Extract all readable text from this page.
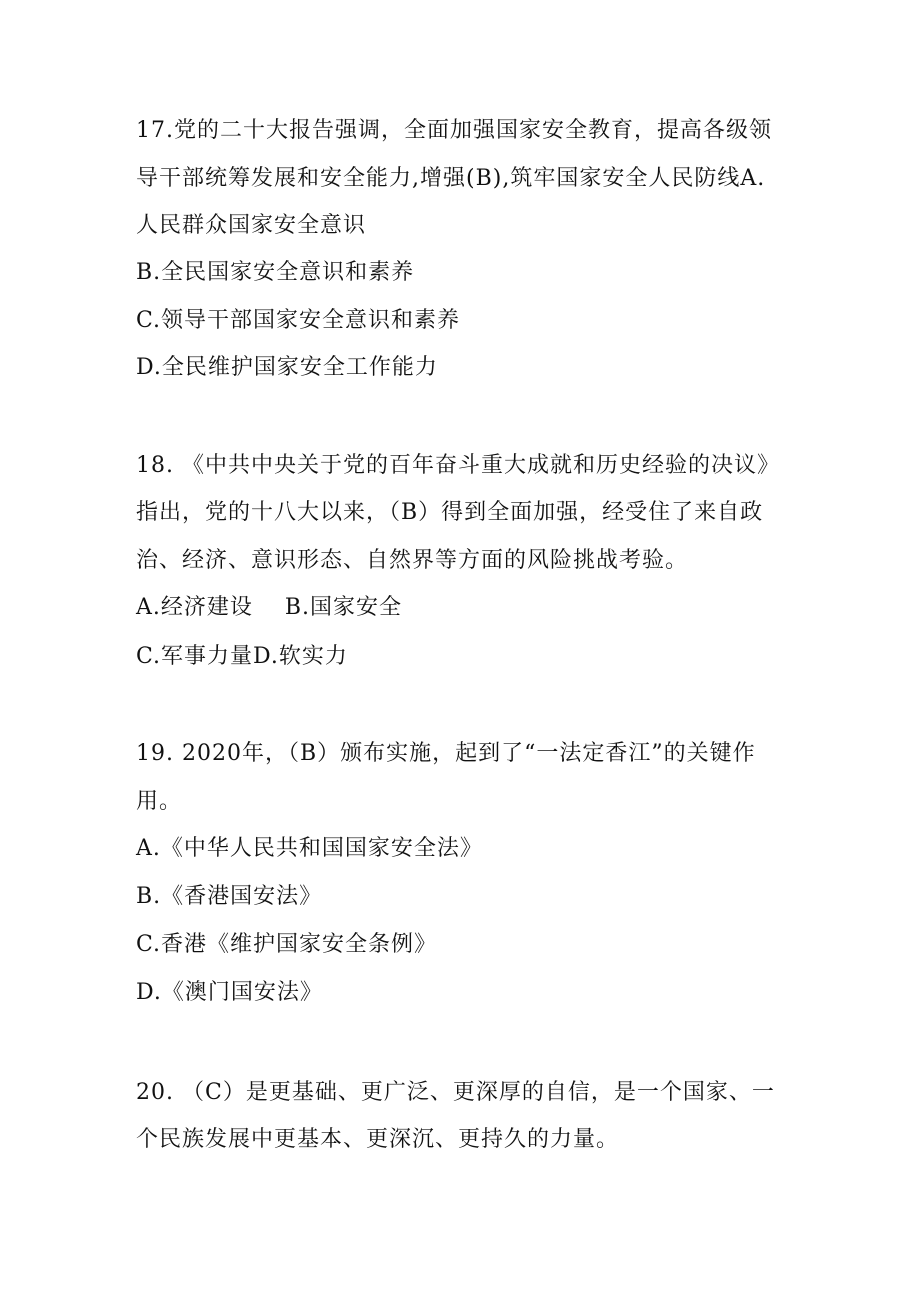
17.党的二十大报告强调，全面加强国家安全教育，提高各级领
导干部统筹发展和安全能力,增强(B),筑牢国家安全人民防线A.
人民群众国家安全意识
B.全民国家安全意识和素养
C.领导干部国家安全意识和素养
D.全民维护国家安全工作能力
18. 《中共中央关于党的百年奋斗重大成就和历史经验的决议》
指出，党的十八大以来，（B）得到全面加强，经受住了来自政
治、经济、意识形态、自然界等方面的风险挑战考验。
A.经济建设    B.国家安全
C.军事力量D.软实力
19. 2020年，（B）颁布实施，起到了“一法定香江”的关键作
用。
A.《中华人民共和国国家安全法》
B.《香港国安法》
C.香港《维护国家安全条例》
D.《澳门国安法》
20. （C）是更基础、更广泛、更深厚的自信，是一个国家、一
个民族发展中更基本、更深沉、更持久的力量。
